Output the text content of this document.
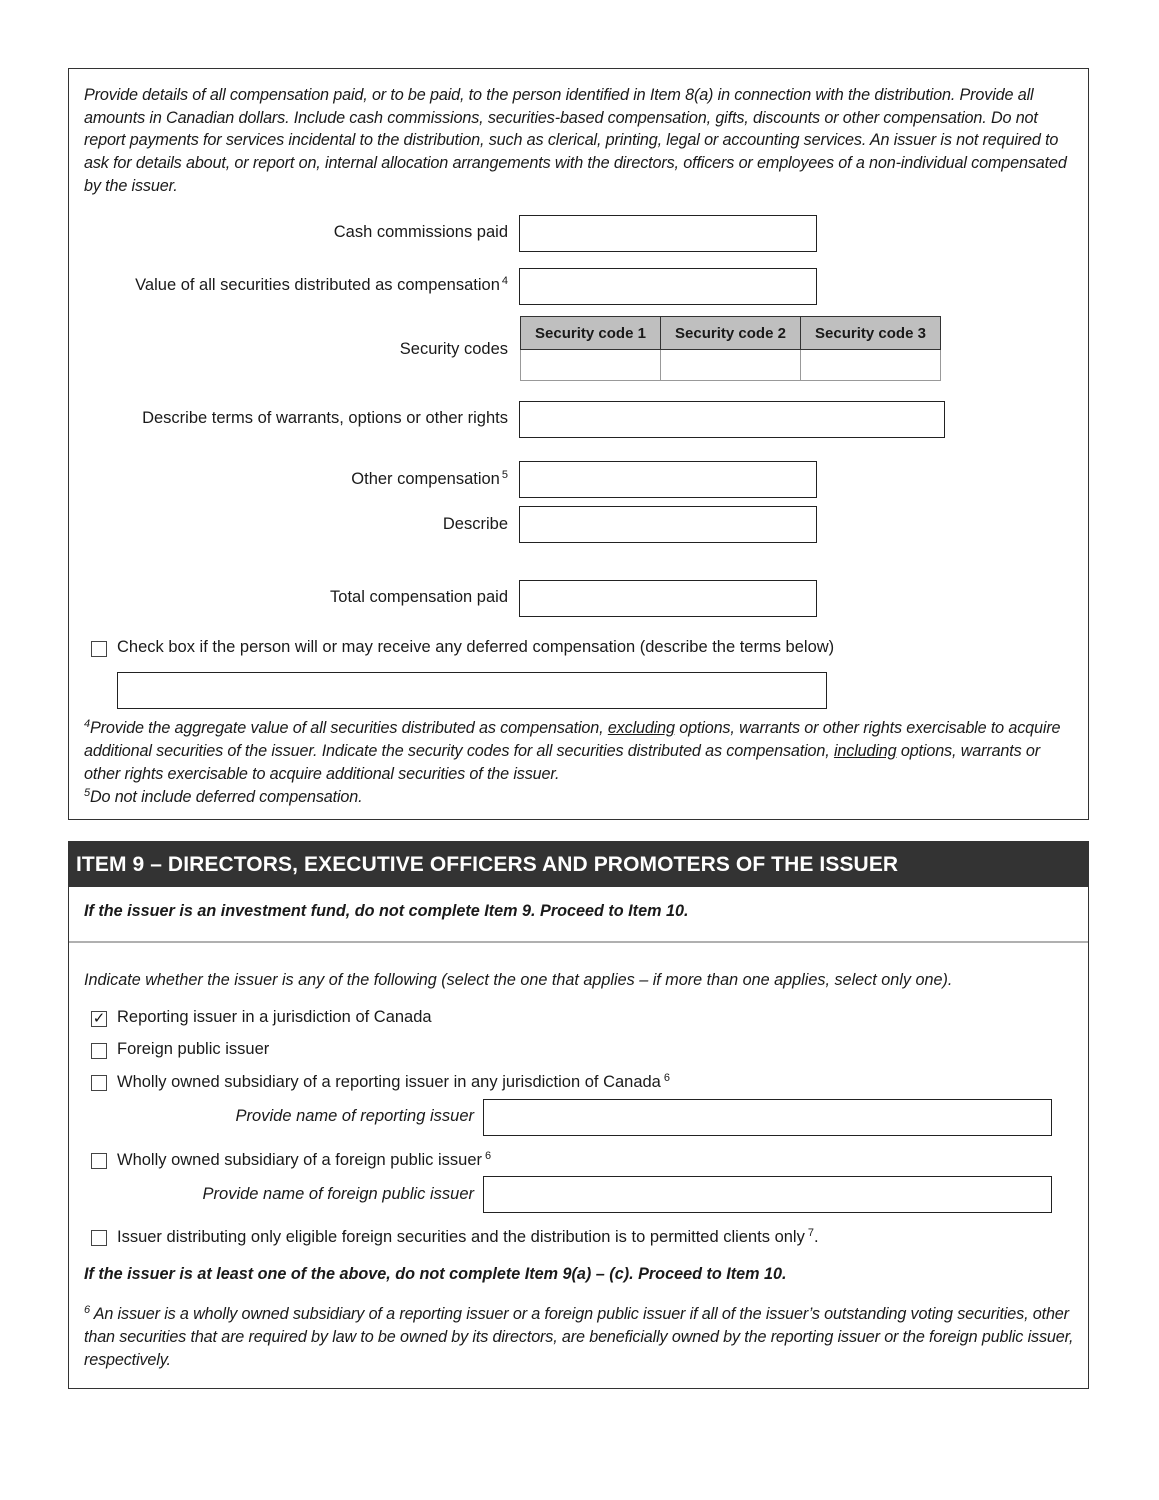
Provide details of all compensation paid, or to be paid, to the person identified in Item 8(a) in connection with the distribution. Provide all amounts in Canadian dollars. Include cash commissions, securities-based compensation, gifts, discounts or other compensation. Do not report payments for services incidental to the distribution, such as clerical, printing, legal or accounting services. An issuer is not required to ask for details about, or report on, internal allocation arrangements with the directors, officers or employees of a non-individual compensated by the issuer.
Cash commissions paid
Value of all securities distributed as compensation $^4$
Security codes
Security code 1	Security code 2	Security code 3

Describe terms of warrants, options or other rights
Other compensation $^5$
Describe
Total compensation paid
Check box if the person will or may receive any deferred compensation (describe the terms below)
$^4$Provide the aggregate value of all securities distributed as compensation, excluding options, warrants or other rights exercisable to acquire additional securities of the issuer. Indicate the security codes for all securities distributed as compensation, including options, warrants or other rights exercisable to acquire additional securities of the issuer.
$^5$Do not include deferred compensation.
ITEM 9 – DIRECTORS, EXECUTIVE OFFICERS AND PROMOTERS OF THE ISSUER
If the issuer is an investment fund, do not complete Item 9. Proceed to Item 10.
Indicate whether the issuer is any of the following (select the one that applies – if more than one applies, select only one).
✓ Reporting issuer in a jurisdiction of Canada
Foreign public issuer
Wholly owned subsidiary of a reporting issuer in any jurisdiction of Canada $^6$
Provide name of reporting issuer
Wholly owned subsidiary of a foreign public issuer $^6$
Provide name of foreign public issuer
Issuer distributing only eligible foreign securities and the distribution is to permitted clients only $^7$.
If the issuer is at least one of the above, do not complete Item 9(a) – (c). Proceed to Item 10.
$^6$ An issuer is a wholly owned subsidiary of a reporting issuer or a foreign public issuer if all of the issuer’s outstanding voting securities, other than securities that are required by law to be owned by its directors, are beneficially owned by the reporting issuer or the foreign public issuer, respectively.
